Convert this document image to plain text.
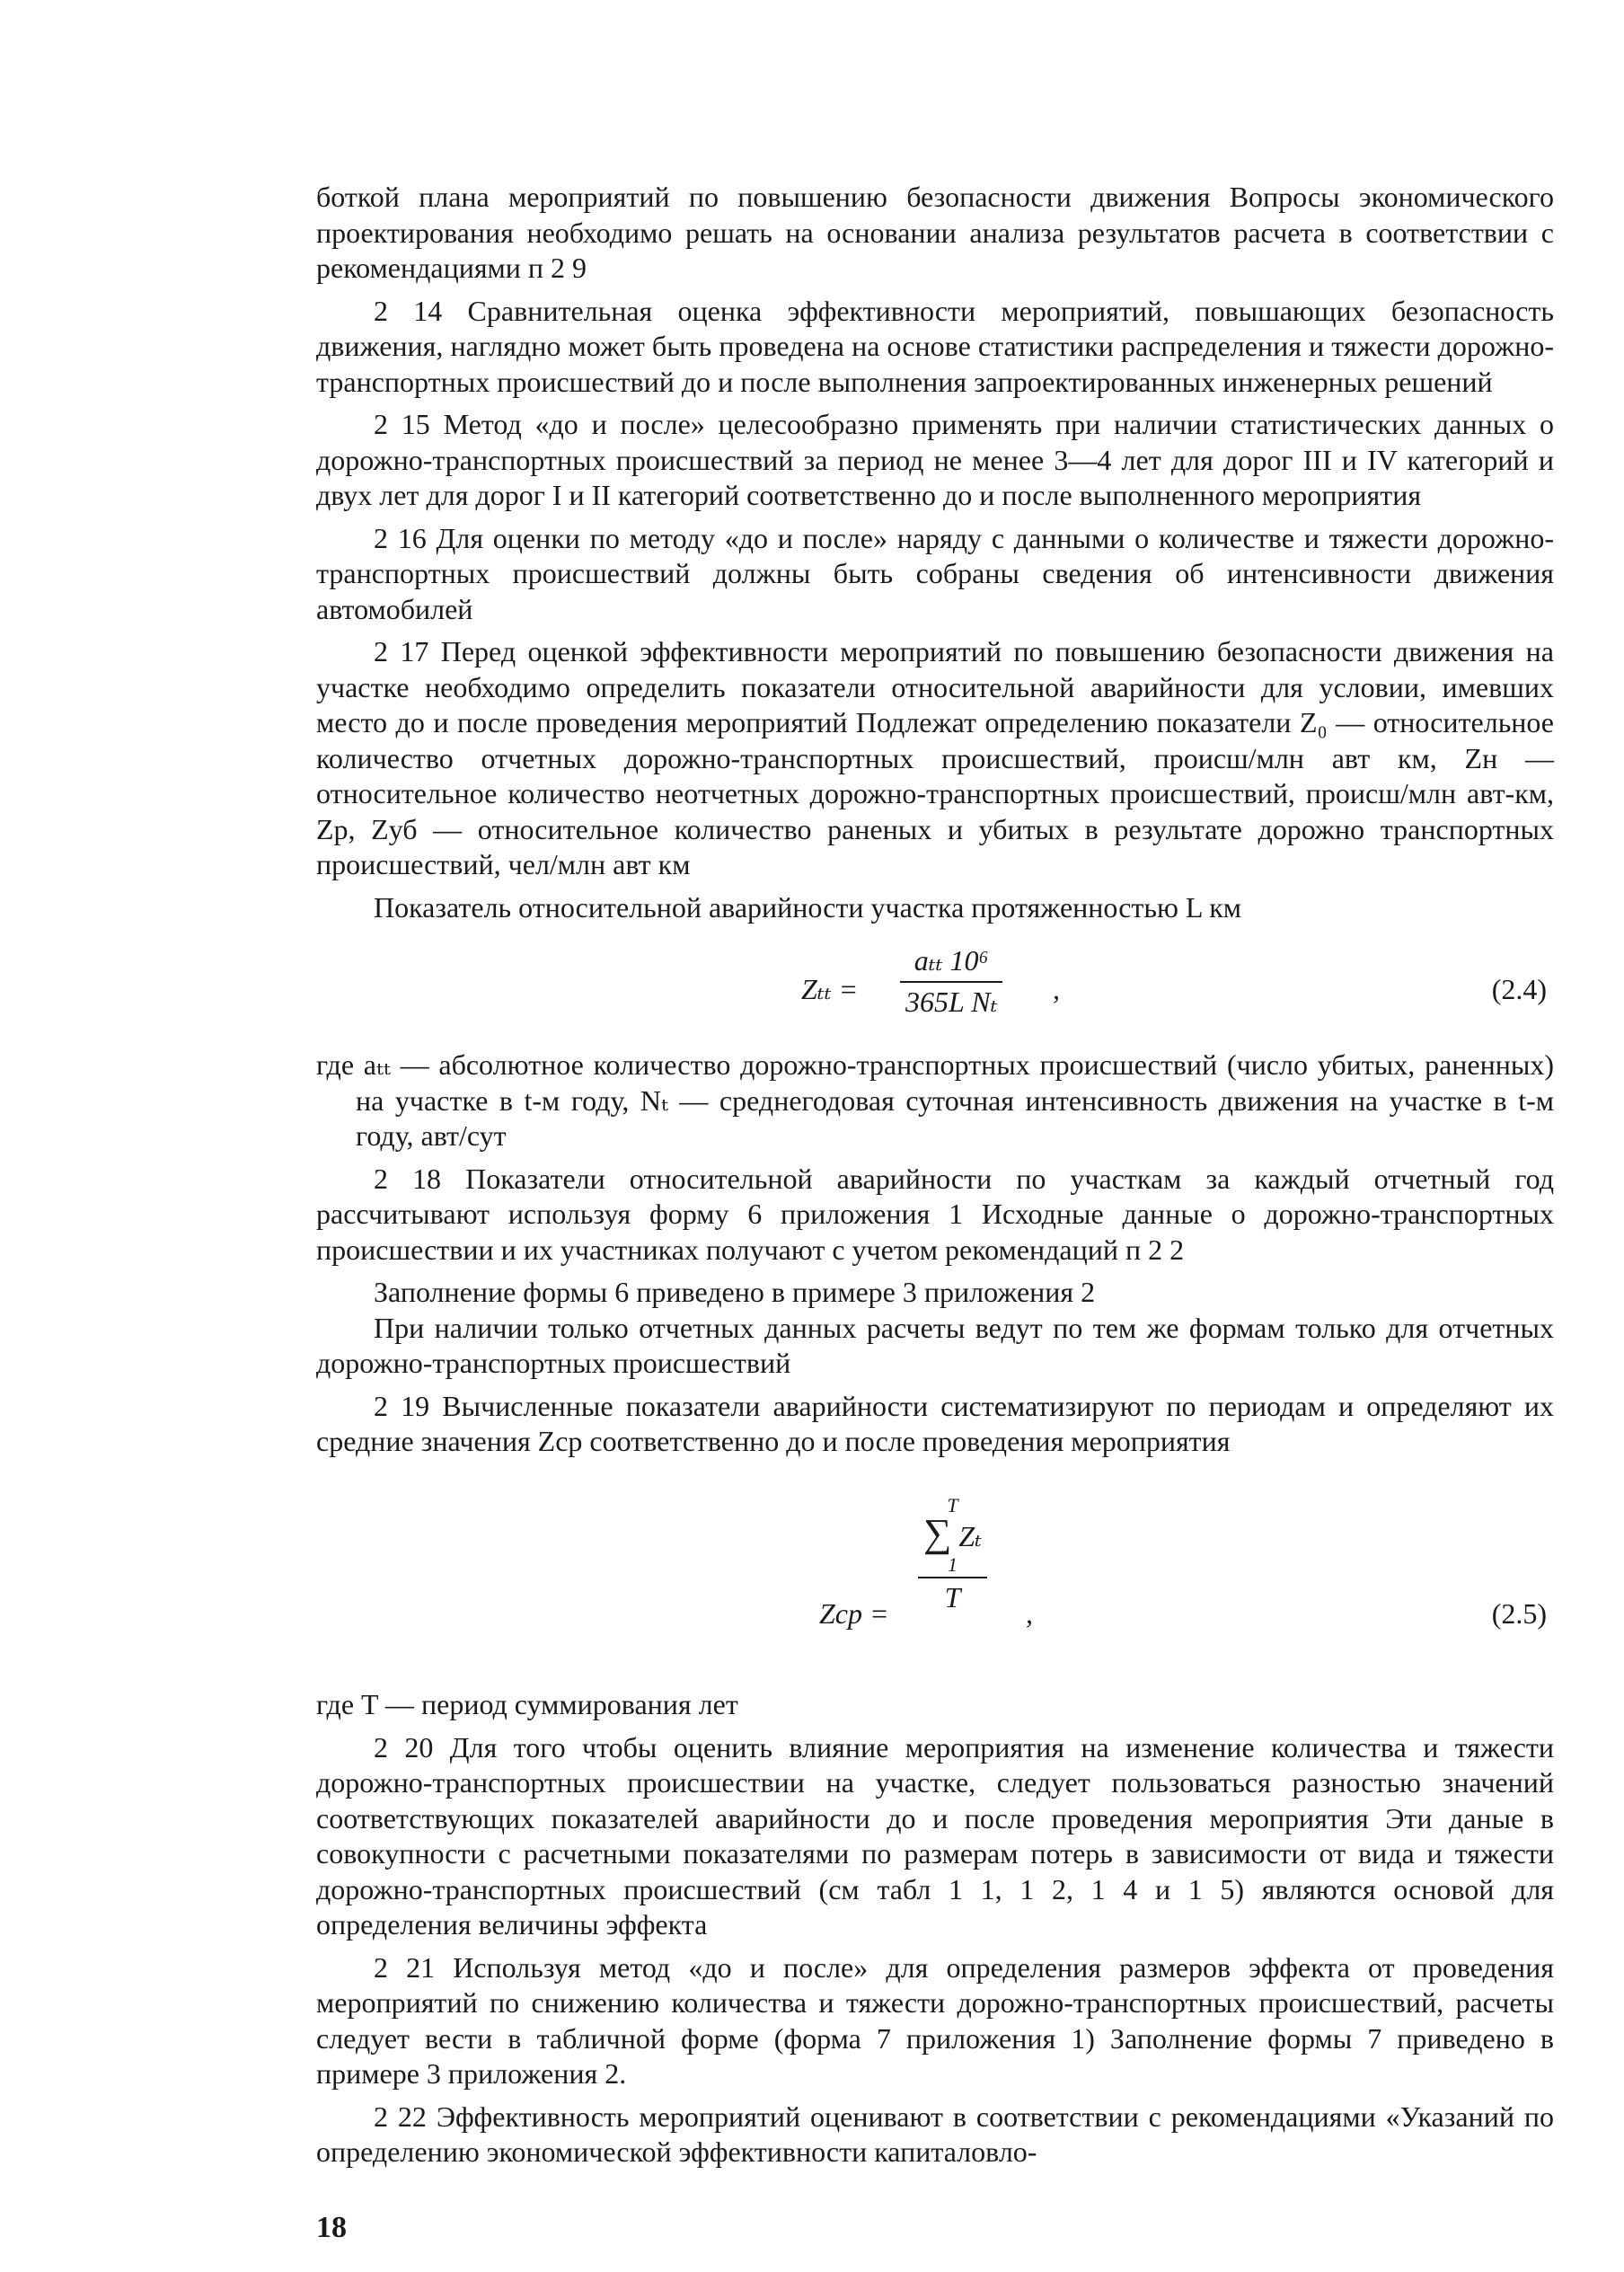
боткой плана мероприятий по повышению безопасности движения Вопросы экономического проектирования необходимо решать на основании анализа результатов расчета в соответствии с рекомендациями п 2 9

2 14 Сравнительная оценка эффективности мероприятий, повышающих безопасность движения, наглядно может быть проведена на основе статистики распределения и тяжести дорожно-транспортных происшествий до и после выполнения запроектированных инженерных решений

2 15 Метод «до и после» целесообразно применять при наличии статистических данных о дорожно-транспортных происшествий за период не менее 3—4 лет для дорог III и IV категорий и двух лет для дорог I и II категорий соответственно до и после выполненного мероприятия

2 16 Для оценки по методу «до и после» наряду с данными о количестве и тяжести дорожно-транспортных происшествий должны быть собраны сведения об интенсивности движения автомобилей

2 17 Перед оценкой эффективности мероприятий по повышению безопасности движения на участке необходимо определить показатели относительной аварийности для условии, имевших место до и после проведения мероприятий Подлежат определению показатели Z₀ — относительное количество отчетных дорожно-транспортных происшествий, происш/млн авт км, Zн — относительное количество неотчетных дорожно-транспортных происшествий, происш/млн авт-км, Zр, Zуб — относительное количество раненых и убитых в результате дорожно транспортных происшествий, чел/млн авт км

Показатель относительной аварийности участка протяженностью L км

Zₜₜ =
aₜₜ 10⁶
365L Nₜ ,	(2.4)

где aₜₜ — абсолютное количество дорожно-транспортных происшествий (число убитых, раненных) на участке в t-м году, Nₜ — среднегодовая суточная интенсивность движения на участке в t-м году, авт/сут

2 18 Показатели относительной аварийности по участкам за каждый отчетный год рассчитывают используя форму 6 приложения 1 Исходные данные о дорожно-транспортных происшествии и их участниках получают с учетом рекомендаций п 2 2

Заполнение формы 6 приведено в примере 3 приложения 2

При наличии только отчетных данных расчеты ведут по тем же формам только для отчетных дорожно-транспортных происшествий

2 19 Вычисленные показатели аварийности систематизируют по периодам и определяют их средние значения Zср соответственно до и после проведения мероприятия

Zср =
T
∑ Zₜ
1
T
,	(2.5)

где T — период суммирования лет

2 20 Для того чтобы оценить влияние мероприятия на изменение количества и тяжести дорожно-транспортных происшествии на участке, следует пользоваться разностью значений соответствующих показателей аварийности до и после проведения мероприятия Эти даные в совокупности с расчетными показателями по размерам потерь в зависимости от вида и тяжести дорожно-транспортных происшествий (см табл 1 1, 1 2, 1 4 и 1 5) являются основой для определения величины эффекта

2 21 Используя метод «до и после» для определения размеров эффекта от проведения мероприятий по снижению количества и тяжести дорожно-транспортных происшествий, расчеты следует вести в табличной форме (форма 7 приложения 1) Заполнение формы 7 приведено в примере 3 приложения 2.

2 22 Эффективность мероприятий оценивают в соответствии с рекомендациями «Указаний по определению экономической эффективности капиталовло-

18
